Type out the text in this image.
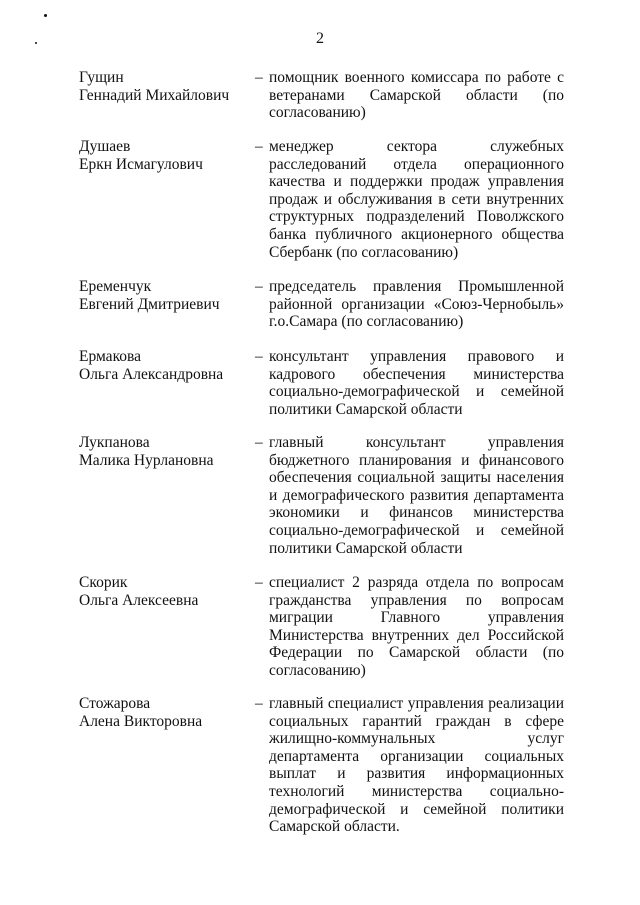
2
Гущин
Геннадий Михайлович
– помощник военного комиссара по работе с ветеранами Самарской области (по согласованию)
Душаев
Еркн Исмагулович
– менеджер сектора служебных расследований отдела операционного качества и поддержки продаж управления продаж и обслуживания в сети внутренних структурных подразделений Поволжского банка публичного акционерного общества Сбербанк (по согласованию)
Еременчук
Евгений Дмитриевич
– председатель правления Промышленной районной организации «Союз-Чернобыль» г.о.Самара (по согласованию)
Ермакова
Ольга Александровна
– консультант управления правового и кадрового обеспечения министерства социально-демографической и семейной политики Самарской области
Лукпанова
Малика Нурлановна
– главный консультант управления бюджетного планирования и финансового обеспечения социальной защиты населения и демографического развития департамента экономики и финансов министерства социально-демографической и семейной политики Самарской области
Скорик
Ольга Алексеевна
– специалист 2 разряда отдела по вопросам гражданства управления по вопросам миграции Главного управления Министерства внутренних дел Российской Федерации по Самарской области (по согласованию)
Стожарова
Алена Викторовна
– главный специалист управления реализации социальных гарантий граждан в сфере жилищно-коммунальных услуг департамента организации социальных выплат и развития информационных технологий министерства социально-демографической и семейной политики Самарской области.
